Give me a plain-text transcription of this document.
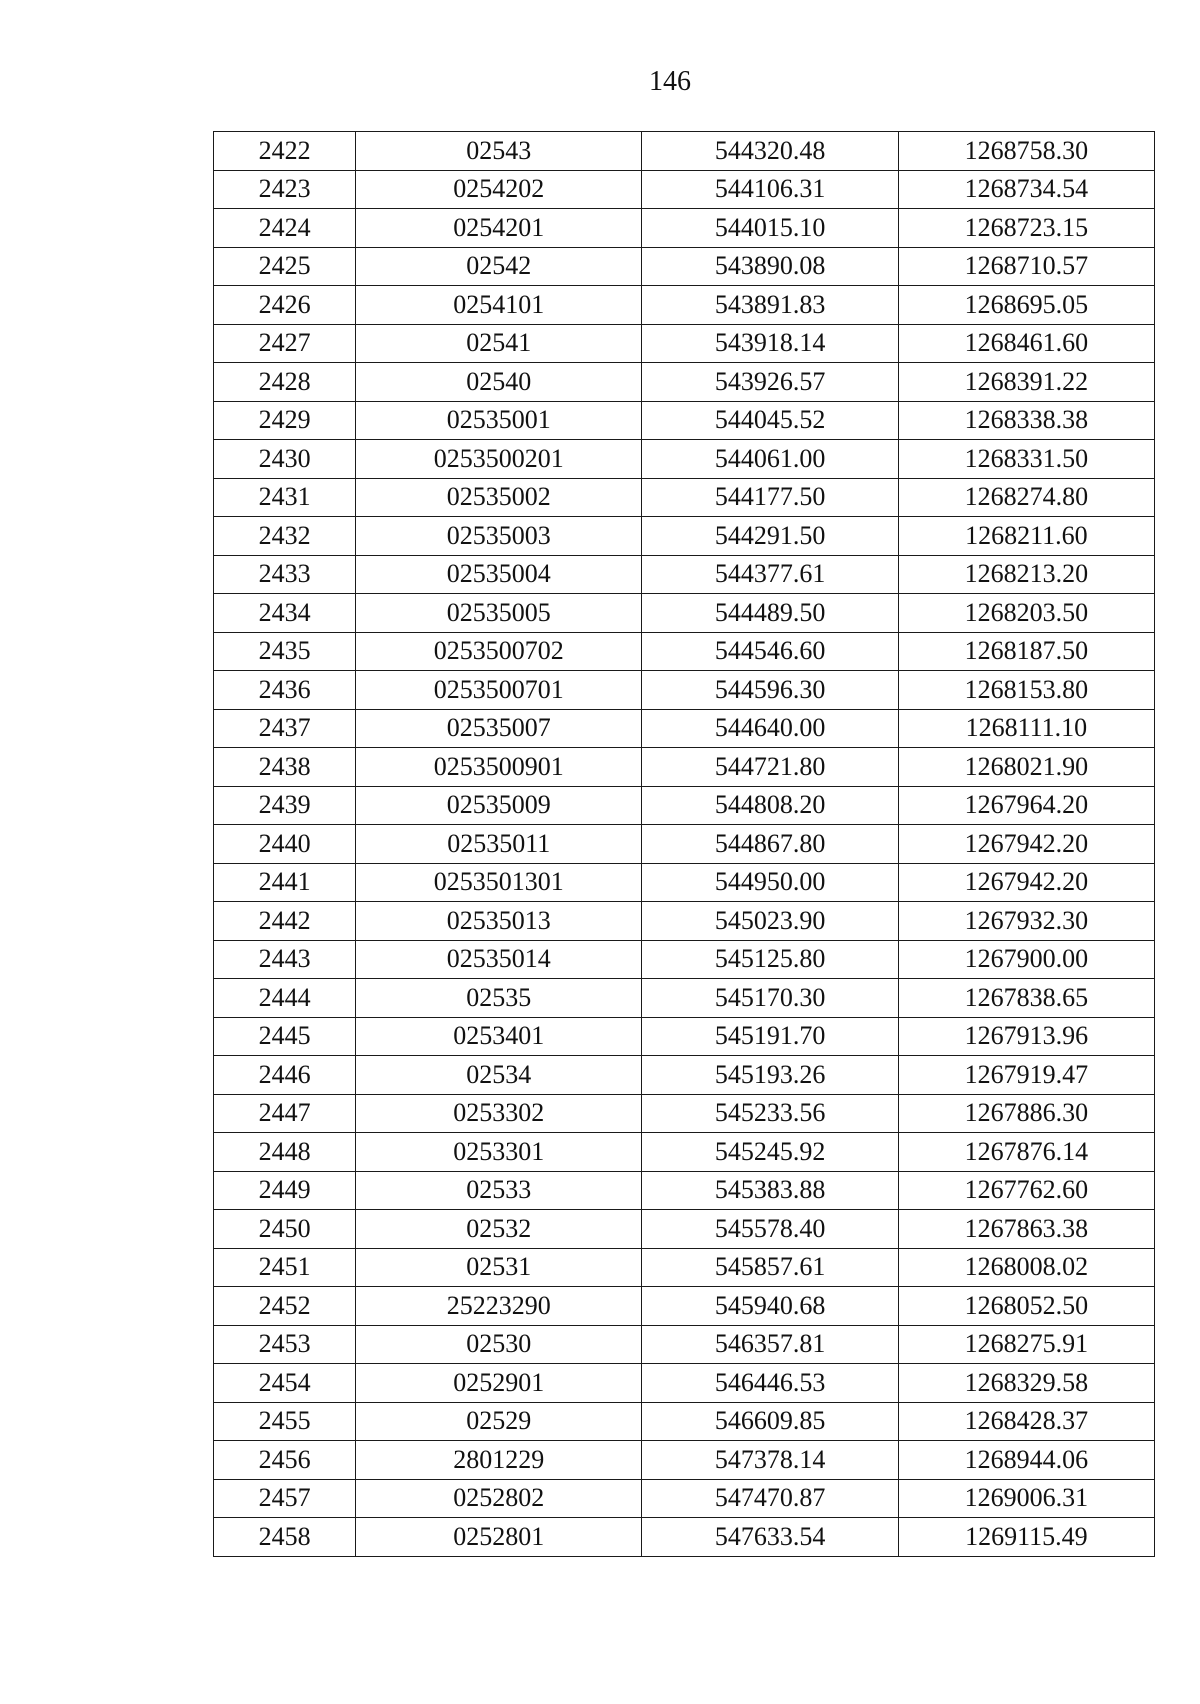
146
2422	02543	544320.48	1268758.30
2423	0254202	544106.31	1268734.54
2424	0254201	544015.10	1268723.15
2425	02542	543890.08	1268710.57
2426	0254101	543891.83	1268695.05
2427	02541	543918.14	1268461.60
2428	02540	543926.57	1268391.22
2429	02535001	544045.52	1268338.38
2430	0253500201	544061.00	1268331.50
2431	02535002	544177.50	1268274.80
2432	02535003	544291.50	1268211.60
2433	02535004	544377.61	1268213.20
2434	02535005	544489.50	1268203.50
2435	0253500702	544546.60	1268187.50
2436	0253500701	544596.30	1268153.80
2437	02535007	544640.00	1268111.10
2438	0253500901	544721.80	1268021.90
2439	02535009	544808.20	1267964.20
2440	02535011	544867.80	1267942.20
2441	0253501301	544950.00	1267942.20
2442	02535013	545023.90	1267932.30
2443	02535014	545125.80	1267900.00
2444	02535	545170.30	1267838.65
2445	0253401	545191.70	1267913.96
2446	02534	545193.26	1267919.47
2447	0253302	545233.56	1267886.30
2448	0253301	545245.92	1267876.14
2449	02533	545383.88	1267762.60
2450	02532	545578.40	1267863.38
2451	02531	545857.61	1268008.02
2452	25223290	545940.68	1268052.50
2453	02530	546357.81	1268275.91
2454	0252901	546446.53	1268329.58
2455	02529	546609.85	1268428.37
2456	2801229	547378.14	1268944.06
2457	0252802	547470.87	1269006.31
2458	0252801	547633.54	1269115.49
